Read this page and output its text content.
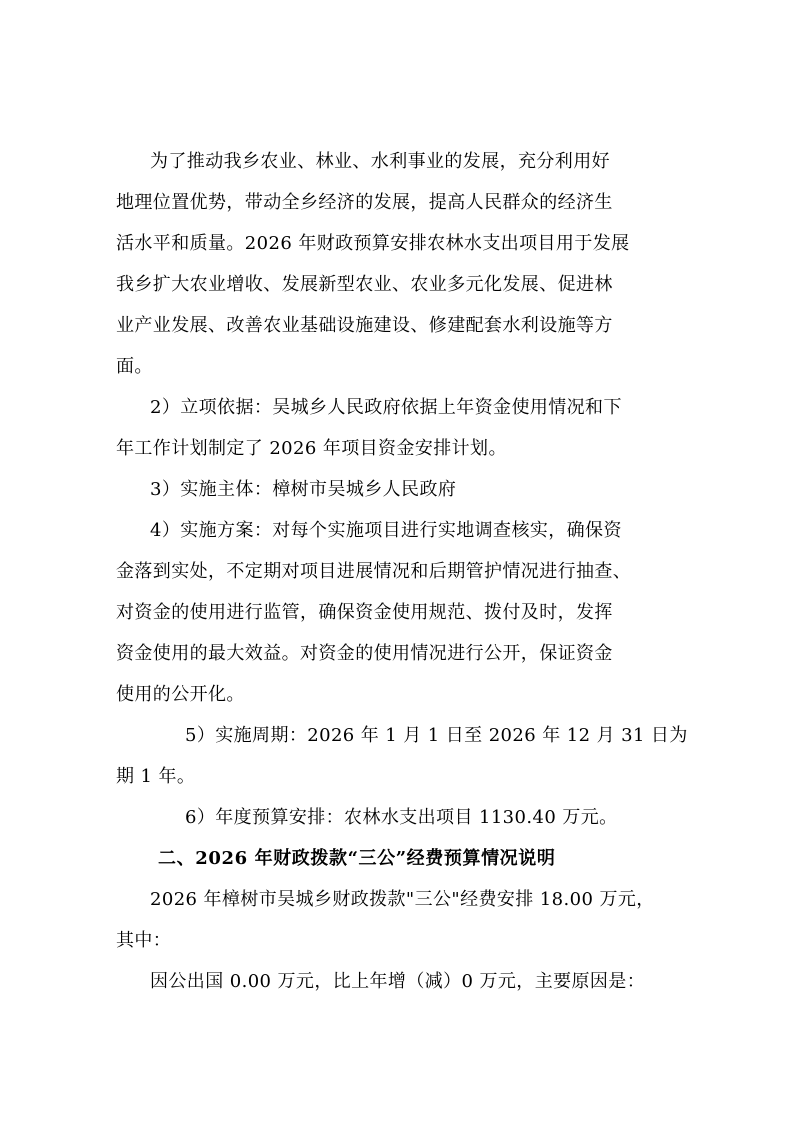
为了推动我乡农业、林业、水利事业的发展，充分利用好
地理位置优势，带动全乡经济的发展，提高人民群众的经济生
活水平和质量。2026 年财政预算安排农林水支出项目用于发展
我乡扩大农业增收、发展新型农业、农业多元化发展、促进林
业产业发展、改善农业基础设施建设、修建配套水利设施等方
面。
2）立项依据：吴城乡人民政府依据上年资金使用情况和下
年工作计划制定了 2026 年项目资金安排计划。
3）实施主体：樟树市吴城乡人民政府
4）实施方案：对每个实施项目进行实地调查核实，确保资
金落到实处，不定期对项目进展情况和后期管护情况进行抽查、
对资金的使用进行监管，确保资金使用规范、拨付及时，发挥
资金使用的最大效益。对资金的使用情况进行公开，保证资金
使用的公开化。
5）实施周期：2026 年 1 月 1 日至 2026 年 12 月 31 日为
期 1 年。
6）年度预算安排：农林水支出项目 1130.40 万元。
二、2026 年财政拨款“三公”经费预算情况说明
2026 年樟树市吴城乡财政拨款"三公"经费安排 18.00 万元，
其中：
因公出国 0.00 万元，比上年增（减）0 万元，主要原因是：
